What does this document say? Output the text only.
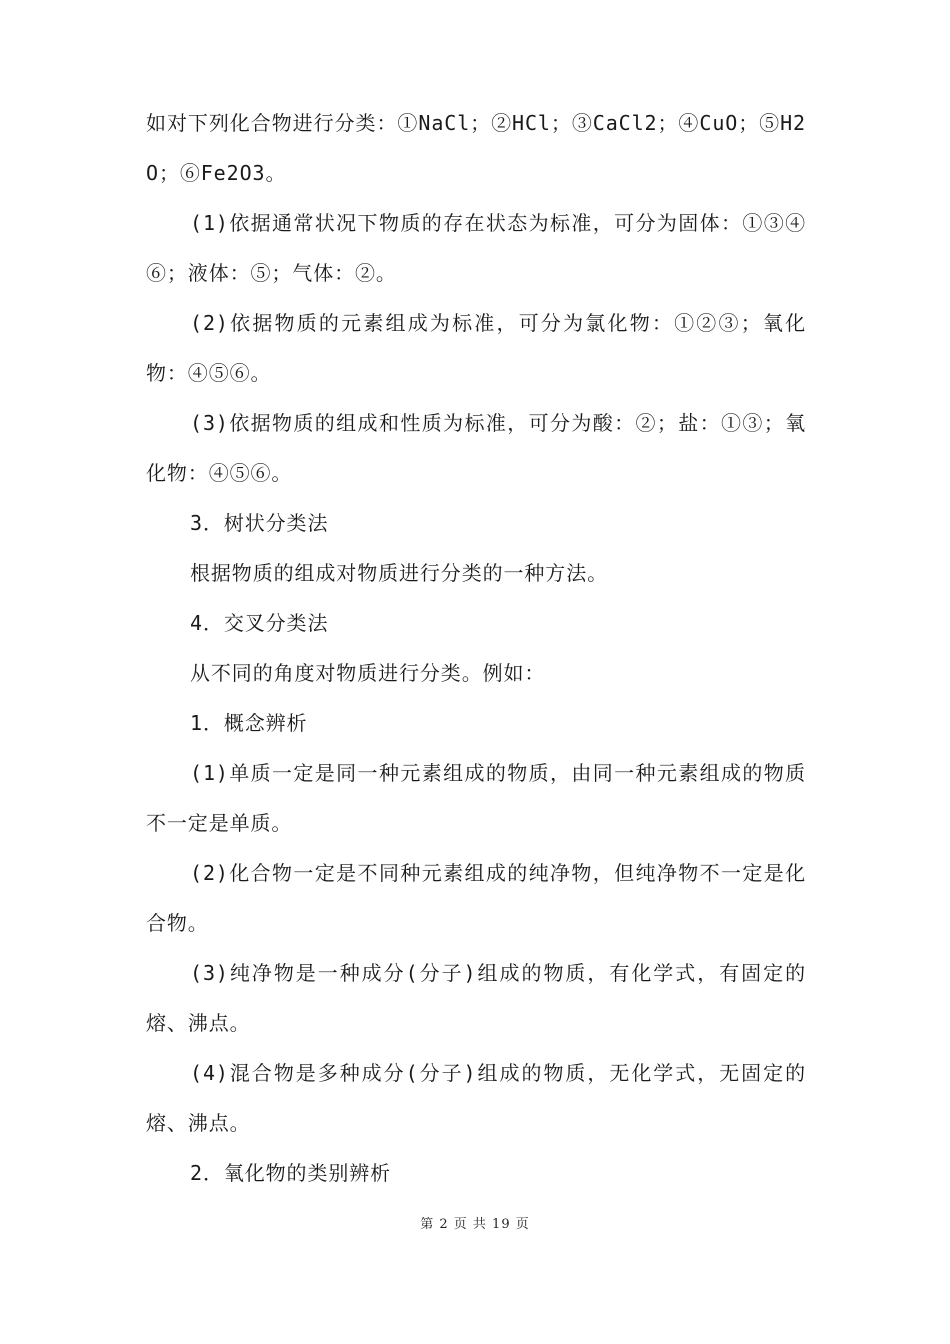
如对下列化合物进行分类：①NaCl；②HCl；③CaCl2；④CuO；⑤H2O；⑥Fe2O3。

(1)依据通常状况下物质的存在状态为标准，可分为固体：①③④⑥；液体：⑤；气体：②。

(2)依据物质的元素组成为标准，可分为氯化物：①②③；氧化物：④⑤⑥。

(3)依据物质的组成和性质为标准，可分为酸：②；盐：①③；氧化物：④⑤⑥。

3．树状分类法

根据物质的组成对物质进行分类的一种方法。

4．交叉分类法

从不同的角度对物质进行分类。例如：

1．概念辨析

(1)单质一定是同一种元素组成的物质，由同一种元素组成的物质不一定是单质。

(2)化合物一定是不同种元素组成的纯净物，但纯净物不一定是化合物。

(3)纯净物是一种成分(分子)组成的物质，有化学式，有固定的熔、沸点。

(4)混合物是多种成分(分子)组成的物质，无化学式，无固定的熔、沸点。

2．氧化物的类别辨析

第 2 页 共 19 页
